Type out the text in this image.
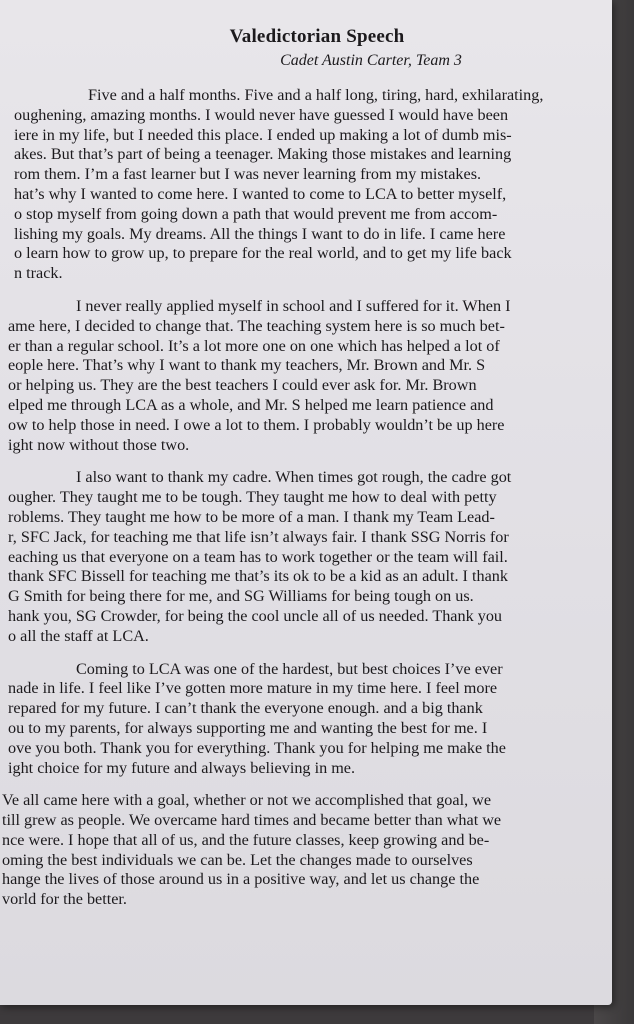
Valedictorian Speech
Cadet Austin Carter, Team 3
Five and a half months. Five and a half long, tiring, hard, exhilarating,
oughening, amazing months. I would never have guessed I would have been
iere in my life, but I needed this place. I ended up making a lot of dumb mis-
akes. But that’s part of being a teenager. Making those mistakes and learning
rom them. I’m a fast learner but I was never learning from my mistakes.
hat’s why I wanted to come here. I wanted to come to LCA to better myself,
o stop myself from going down a path that would prevent me from accom-
lishing my goals. My dreams. All the things I want to do in life. I came here
o learn how to grow up, to prepare for the real world, and to get my life back
n track.
I never really applied myself in school and I suffered for it. When I
ame here, I decided to change that. The teaching system here is so much bet-
er than a regular school. It’s a lot more one on one which has helped a lot of
eople here. That’s why I want to thank my teachers, Mr. Brown and Mr. S
or helping us. They are the best teachers I could ever ask for. Mr. Brown
elped me through LCA as a whole, and Mr. S helped me learn patience and
ow to help those in need. I owe a lot to them. I probably wouldn’t be up here
ight now without those two.
I also want to thank my cadre. When times got rough, the cadre got
ougher. They taught me to be tough. They taught me how to deal with petty
roblems. They taught me how to be more of a man. I thank my Team Lead-
r, SFC Jack, for teaching me that life isn’t always fair. I thank SSG Norris for
eaching us that everyone on a team has to work together or the team will fail.
thank SFC Bissell for teaching me that’s its ok to be a kid as an adult. I thank
G Smith for being there for me, and SG Williams for being tough on us.
hank you, SG Crowder, for being the cool uncle all of us needed. Thank you
o all the staff at LCA.
Coming to LCA was one of the hardest, but best choices I’ve ever
nade in life. I feel like I’ve gotten more mature in my time here. I feel more
repared for my future. I can’t thank the everyone enough. and a big thank
ou to my parents, for always supporting me and wanting the best for me. I
ove you both. Thank you for everything. Thank you for helping me make the
ight choice for my future and always believing in me.
Ve all came here with a goal, whether or not we accomplished that goal, we
till grew as people. We overcame hard times and became better than what we
nce were. I hope that all of us, and the future classes, keep growing and be-
oming the best individuals we can be. Let the changes made to ourselves
hange the lives of those around us in a positive way, and let us change the
vorld for the better.
